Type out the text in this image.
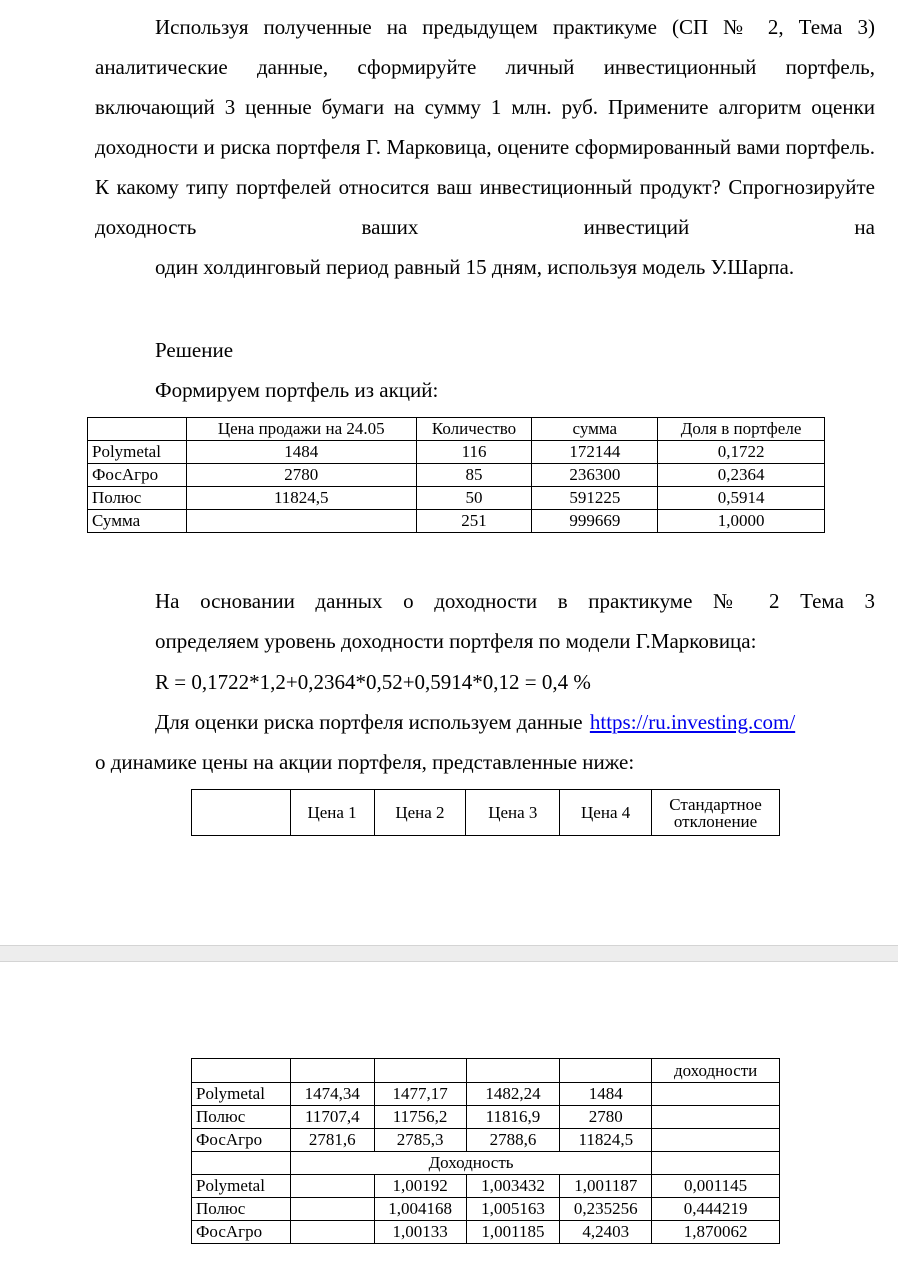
Используя полученные на предыдущем практикуме (СП № 2, Тема 3) аналитические данные, сформируйте личный инвестиционный портфель, включающий 3 ценные бумаги на сумму 1 млн. руб. Примените алгоритм оценки доходности и риска портфеля Г. Марковица, оцените сформированный вами портфель. К какому типу портфелей относится ваш инвестиционный продукт? Спрогнозируйте доходность ваших инвестиций на
один холдинговый период равный 15 дням, используя модель У.Шарпа.
Решение
Формируем портфель из акций:
	Цена продажи на 24.05	Количество	сумма	Доля в портфеле
Polymetal	1484	116	172144	0,1722
ФосАгро	2780	85	236300	0,2364
Полюс	11824,5	50	591225	0,5914
Сумма		251	999669	1,0000
На основании данных о доходности в практикуме № 2 Тема 3
определяем уровень доходности портфеля по модели Г.Марковица:
R = 0,1722*1,2+0,2364*0,52+0,5914*0,12 = 0,4 %
Для оценки риска портфеля используем данные https://ru.investing.com/
о динамике цены на акции портфеля, представленные ниже:
	Цена 1	Цена 2	Цена 3	Цена 4	Стандартное
отклонение
					доходности
Polymetal	1474,34	1477,17	1482,24	1484	
Полюс	11707,4	11756,2	11816,9	2780	
ФосАгро	2781,6	2785,3	2788,6	11824,5	
	Доходность				
Polymetal		1,00192	1,003432	1,001187	0,001145
Полюс		1,004168	1,005163	0,235256	0,444219
ФосАгро		1,00133	1,001185	4,2403	1,870062
